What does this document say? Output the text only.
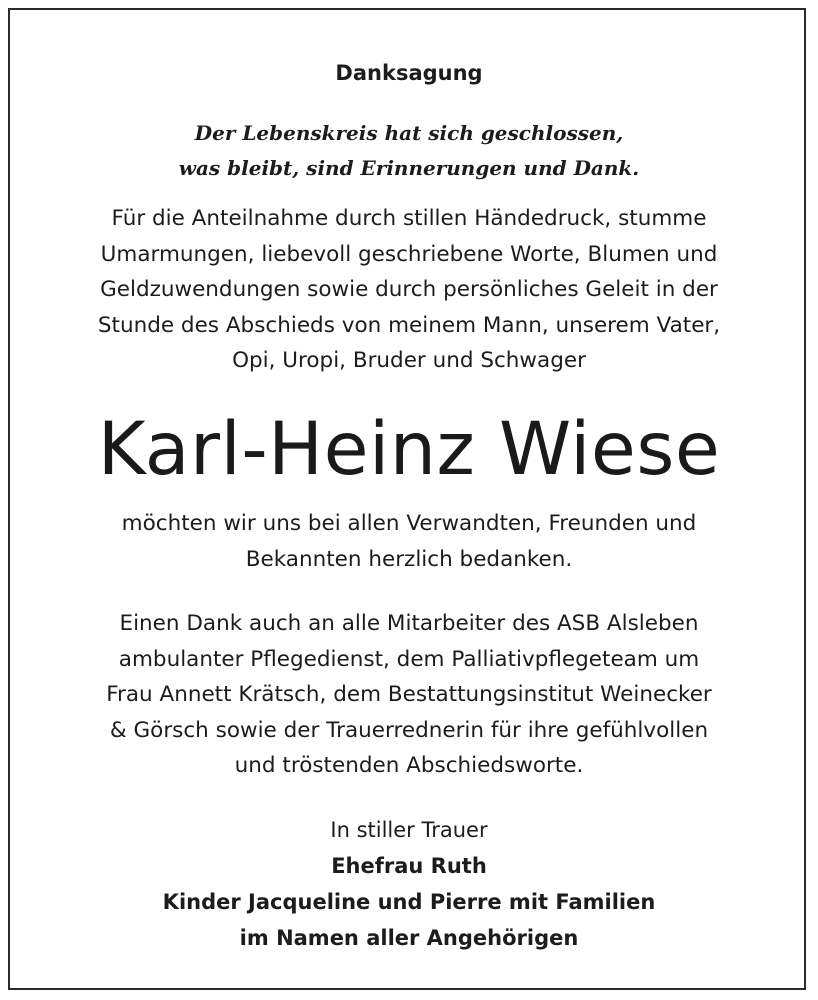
Danksagung
Der Lebenskreis hat sich geschlossen,
was bleibt, sind Erinnerungen und Dank.
Für die Anteilnahme durch stillen Händedruck, stumme
Umarmungen, liebevoll geschriebene Worte, Blumen und
Geldzuwendungen sowie durch persönliches Geleit in der
Stunde des Abschieds von meinem Mann, unserem Vater,
Opi, Uropi, Bruder und Schwager
Karl-Heinz Wiese
möchten wir uns bei allen Verwandten, Freunden und
Bekannten herzlich bedanken.
Einen Dank auch an alle Mitarbeiter des ASB Alsleben
ambulanter Pflegedienst, dem Palliativpflegeteam um
Frau Annett Krätsch, dem Bestattungsinstitut Weinecker
& Görsch sowie der Trauerrednerin für ihre gefühlvollen
und tröstenden Abschiedsworte.
In stiller Trauer
Ehefrau Ruth
Kinder Jacqueline und Pierre mit Familien
im Namen aller Angehörigen
